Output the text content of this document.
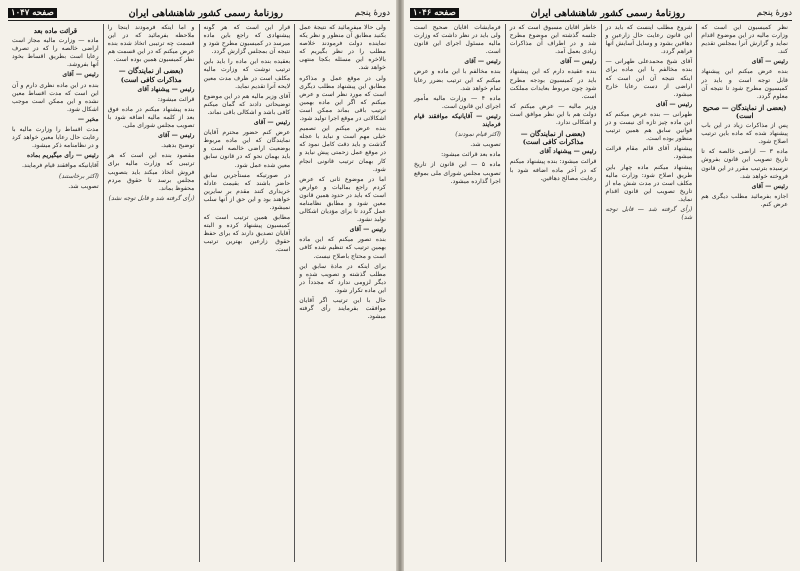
دورهٔ پنجم
روزنامهٔ رسمی کشور شاهنشاهی ایران
صفحه ۱۰۴۷

ولی حالا میفرمائید که نتیجهٔ عمل بکنید مطابق آن منظور و نظر یکه نماینده دولت فرمودند خلاصه مطلب را در نظر بگیریم که بالاخره این مسئله بکجا منتهی خواهد شد.

ولی در موقع عمل و مذاکره مطابق این پیشنهاد مطلب دیگری است که مورد نظر است و عرض میکنم که اگر این ماده بهمین ترتیب باقی بماند ممکن است اشکالاتی در موقع اجرا تولید شود.

بنده عرض میکنم این تصمیم خیلی مهم است و نباید با عجله گذشت و باید دقت کامل نمود که در موقع عمل زحمتی پیش نیاید و کار بهمان ترتیب قانونی انجام شود.

اما در موضوع ثانی که عرض کردم راجع بمالیات و عوارض است که باید در حدود همین قانون معین شود و مطابق نظامنامه عمل گردد تا برای مؤدیان اشکالی تولید نشود.

رئیس — آقای

بنده تصور میکنم که این ماده بهمین ترتیب که تنظیم شده کافی است و محتاج باصلاح نیست.

برای اینکه در مادهٔ سابق این مطلب گذشته و تصویب شده و دیگر لزومی ندارد که مجدداً در این ماده تکرار شود.

حال با این ترتیب اگر آقایان موافقت بفرمایند رأی گرفته میشود.

قرار این است که هر گونه پیشنهادی که راجع باین ماده میرسد در کمیسیون مطرح شود و نتیجه آن بمجلس گزارش گردد.

بعقیده بنده این ماده را باید باین ترتیب نوشت که وزارت مالیه مکلف است در ظرف مدت معین لایحه آنرا تقدیم نماید.

آقای وزیر مالیه هم در این موضوع توضیحاتی دادند که گمان میکنم کافی باشد و اشکالی باقی نماند.

رئیس — آقای

عرض کنم حضور محترم آقایان نمایندگان که این ماده مربوط بوضعیت اراضی خالصه است و باید بهمان نحو که در قانون سابق معین شده عمل شود.

در صورتیکه مستأجرین سابق حاضر باشند که بقیمت عادله خریداری کنند مقدم بر سایرین خواهند بود و این حق از آنها سلب نمیشود.

مطابق همین ترتیب است که کمیسیون پیشنهاد کرده و البته آقایان تصدیق دارند که برای حفظ حقوق زارعین بهترین ترتیب است.

و اما اینکه فرمودند اینجا را ملاحظه بفرمائید که در این قسمت چه ترتیبی اتخاذ شده بنده عرض میکنم که در این قسمت هم نظر کمیسیون همین بوده است.

(بعضی از نمایندگان — مذاکرات کافی است)

رئیس — پیشنهاد آقای

قرائت میشود:

بنده پیشنهاد میکنم در ماده فوق بعد از کلمه مالیه اضافه شود با تصویب مجلس شورای ملی.

رئیس — آقای

توضیح بدهید.

مقصود بنده این است که هر ترتیبی که وزارت مالیه برای فروش اتخاذ میکند باید بتصویب مجلس برسد تا حقوق مردم محفوظ بماند.

(رأی گرفته شد و قابل توجه نشد)

قرائت ماده بعد

ماده — وزارت مالیه مجاز است اراضی خالصه را که در تصرف رعایا است بطریق اقساط بخود آنها بفروشد.

رئیس — آقای

بنده در این ماده نظری دارم و آن این است که مدت اقساط معین نشده و این ممکن است موجب اشکال شود.

مخبر —

مدت اقساط را وزارت مالیه با رعایت حال رعایا معین خواهد کرد و در نظامنامه ذکر میشود.

رئیس — رأی میگیریم بماده

آقایانیکه موافقند قیام فرمایند.

(اکثر برخاستند)

تصویب شد.

دورهٔ پنجم
روزنامهٔ رسمی کشور شاهنشاهی ایران
صفحه ۱۰۴۶

نظر کمیسیون این است که وزارت مالیه در این موضوع اقدام نماید و گزارش آنرا بمجلس تقدیم کند.

رئیس — آقای

بنده عرض میکنم این پیشنهاد قابل توجه است و باید در کمیسیون مطرح شود تا نتیجه آن معلوم گردد.

(بعضی از نمایندگان — صحیح است)

پس از مذاکرات زیاد در این باب پیشنهاد شده که ماده باین ترتیب اصلاح شود.

ماده ۳ — اراضی خالصه که تا تاریخ تصویب این قانون بفروش نرسیده بترتیب مقرر در این قانون فروخته خواهد شد.

رئیس — آقای

اجازه بفرمائید مطلب دیگری هم عرض کنم.

شروع مطلب اینست که باید در این قانون رعایت حال زارعین و دهاقین بشود و وسایل آسایش آنها فراهم گردد.

آقای شیخ محمدعلی طهرانی — بنده مخالفم با این ماده برای اینکه نتیجه آن این است که اراضی از دست رعایا خارج میشود.

رئیس — آقای

طهرانی — بنده عرض میکنم که این ماده چیز تازه ای نیست و در قوانین سابق هم همین ترتیب منظور بوده است.

پیشنهاد آقای قائم مقام قرائت میشود.

پیشنهاد میکنم ماده چهار باین طریق اصلاح شود: وزارت مالیه مکلف است در مدت شش ماه از تاریخ تصویب این قانون اقدام نماید.

(رأی گرفته شد — قابل توجه شد)

خاطر آقایان مسبوق است که در جلسه گذشته این موضوع مطرح شد و در اطراف آن مذاکرات زیادی بعمل آمد.

رئیس — آقای

بنده عقیده دارم که این پیشنهاد باید در کمیسیون بودجه مطرح شود چون مربوط بعایدات مملکت است.

وزیر مالیه — عرض میکنم که دولت هم با این نظر موافق است و اشکالی ندارد.

(بعضی از نمایندگان — مذاکرات کافی است)

رئیس — پیشنهاد آقای

قرائت میشود: بنده پیشنهاد میکنم که در آخر ماده اضافه شود با رعایت مصالح دهاقین.

فرمایشات آقایان صحیح است ولی باید در نظر داشت که وزارت مالیه مسئول اجرای این قانون است.

رئیس — آقای

بنده مخالفم با این ماده و عرض میکنم که این ترتیب بضرر رعایا تمام خواهد شد.

ماده ۴ — وزارت مالیه مأمور اجرای این قانون است.

رئیس — آقایانیکه موافقند قیام فرمایند

(اکثر قیام نمودند)

تصویب شد.

ماده بعد قرائت میشود:

ماده ۵ — این قانون از تاریخ تصویب مجلس شورای ملی بموقع اجرا گذارده میشود.
